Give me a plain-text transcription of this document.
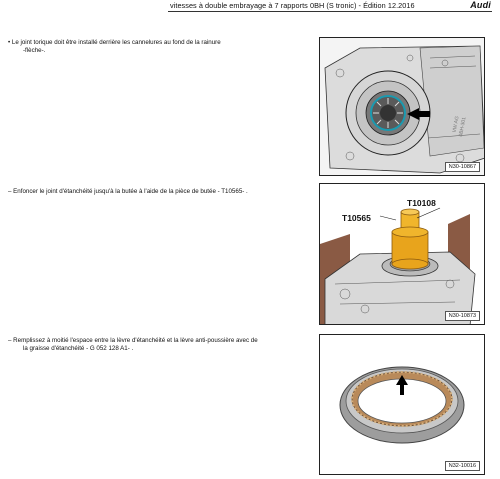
vitesses à double embrayage à 7 rapports 0BH (S tronic) - Édition 12.2016	Audi
• Le joint torique doit être installé derrière les cannelures au fond de la rainure
-flèche-.
VW AG
0BH-301
N30-10867
– Enfoncer le joint d'étanchéité jusqu'à la butée à l'aide de la pièce de butée - T10565- .
T10108
T10565
N30-10873
– Remplissez à moitié l'espace entre la lèvre d'étanchéité et la lèvre anti-poussière avec de
la graisse d'étanchéité - G 052 128 A1- .
N32-10016
